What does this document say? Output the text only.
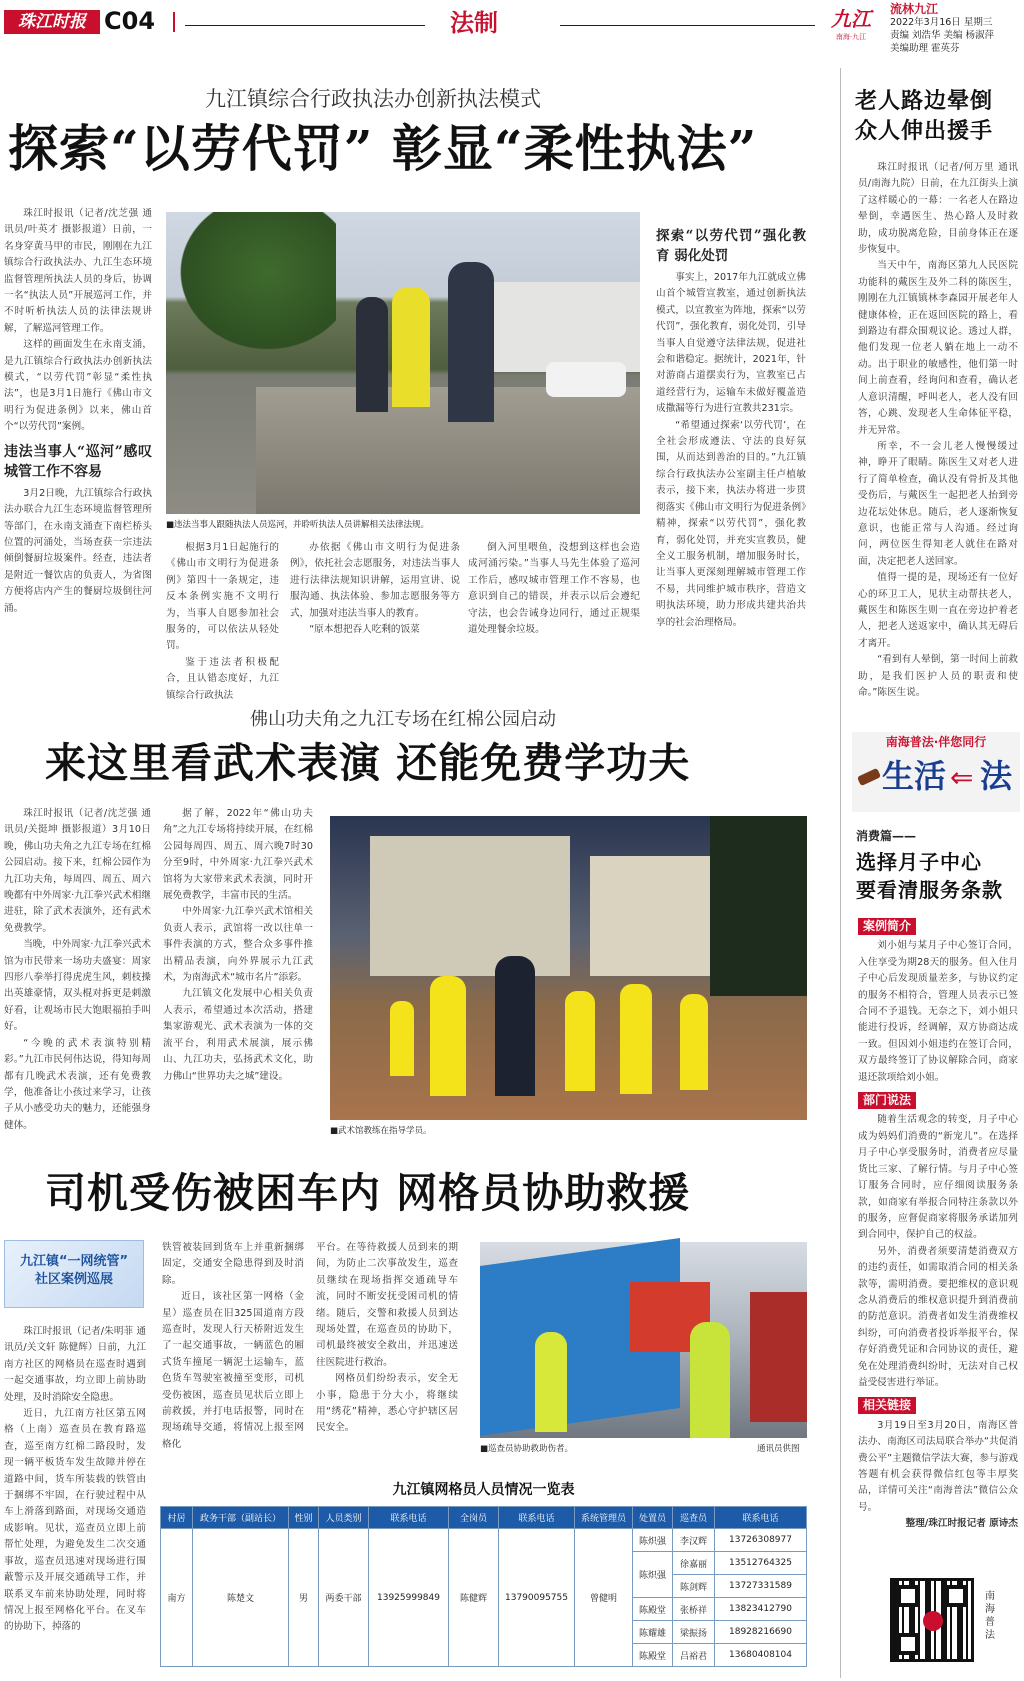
珠江时报 C04	法制	九江
南海·九江
流林九江
2022年3月16日 星期三
责编 刘浩华 美编 杨淑萍
美编助理 霍英芬
九江镇综合行政执法办创新执法模式
探索“以劳代罚” 彰显“柔性执法”

珠江时报讯（记者/沈芝强 通讯员/叶英才 摄影报道）日前，一名身穿黄马甲的市民，刚刚在九江镇综合行政执法办、九江生态环境监督管理所执法人员的身后，协调一名“执法人员”开展巡河工作，并不时听析执法人员的法律法规讲解，了解巡河管理工作。

这样的画面发生在永南支涌，是九江镇综合行政执法办创新执法模式，“以劳代罚”彰显“柔性执法”，也是3月1日施行《佛山市文明行为促进条例》以来，佛山首个“以劳代罚”案例。

违法当事人“巡河”感叹城管工作不容易

3月2日晚，九江镇综合行政执法办联合九江生态环境监督管理所等部门，在永南支涌查下南栏桥头位置的河涌处，当场查获一宗违法倾倒餐厨垃圾案件。经查，违法者是附近一餐饮店的负责人，为省图方便将店内产生的餐厨垃圾倒往河涌。

■违法当事人跟随执法人员巡河，并聆听执法人员讲解相关法律法规。

根据3月1日起施行的《佛山市文明行为促进条例》第四十一条规定，违反本条例实施不文明行为，当事人自愿参加社会服务的，可以依法从轻处罚。

鉴于违法者积极配合，且认错态度好，九江镇综合行政执法

办依据《佛山市文明行为促进条例》，依托社会志愿服务，对违法当事人进行法律法规知识讲解，运用宣讲、说服沟通、执法体验、参加志愿服务等方式，加强对违法当事人的教育。

“原本想把吞人吃剩的饭菜

倒入河里喂鱼，没想到这样也会造成河涌污染。”当事人马先生体验了巡河工作后，感叹城市管理工作不容易，也意识到自己的错误，并表示以后会遵纪守法，也会告诫身边同行，通过正规渠道处理餐余垃圾。

探索“以劳代罚”强化教育 弱化处罚

事实上，2017年九江就成立佛山首个城管宣教室，通过创新执法模式，以宣教室为阵地，探索“以劳代罚”，强化教育，弱化处罚，引导当事人自觉遵守法律法规，促进社会和谐稳定。据统计，2021年，针对游商占道摆卖行为，宣教室已占道经营行为，运输车未做好覆盖造成撒漏等行为进行宣教共231宗。

“希望通过探索‘以劳代罚’，在全社会形成遵法、守法的良好氛围，从而达到善治的目的。”九江镇综合行政执法办公室副主任卢植敏表示，接下来，执法办将进一步贯彻落实《佛山市文明行为促进条例》精神，探索“以劳代罚”，强化教育，弱化处罚，并充实宣教员，健全义工服务机制，增加服务时长，让当事人更深刻理解城市管理工作不易，共同维护城市秩序，营造文明执法环境，助力形成共建共治共享的社会治理格局。

佛山功夫角之九江专场在红棉公园启动
来这里看武术表演 还能免费学功夫

珠江时报讯（记者/沈芝强 通讯员/关挺坤 摄影报道）3月10日晚，佛山功夫角之九江专场在红棉公园启动。接下来，红棉公园作为九江功夫角，每周四、周五、周六晚都有中外周家·九江拳兴武术相继进驻，除了武术表演外，还有武术免费教学。

当晚，中外周家·九江拳兴武术馆为市民带来一场功夫盛宴：周家四形八拳举打得虎虎生风，刺枝操出英雄豪情，双头棍对拆更是刺激好看，让观场市民大饱眼福拍手叫好。

“今晚的武术表演特别精彩。”九江市民何伟达说，得知每周都有几晚武术表演，还有免费教学，他准备让小孩过来学习，让孩子从小感受功夫的魅力，还能强身健体。

据了解，2022年“佛山功夫角”之九江专场将持续开展，在红棉公园每周四、周五、周六晚7时30分至9时，中外周家·九江拳兴武术馆将为大家带来武术表演，同时开展免费教学，丰富市民的生活。

中外周家·九江拳兴武术馆相关负责人表示，武馆将一改以往单一事件表演的方式，整合众多事件推出精品表演，向外界展示九江武术，为南海武术“城市名片”添彩。

九江镇文化发展中心相关负责人表示，希望通过本次活动，搭建集家游观光、武术表演为一体的交流平台，利用武术展演，展示佛山、九江功夫，弘扬武术文化，助力佛山“世界功夫之城”建设。

■武术馆教练在指导学员。
司机受伤被困车内 网格员协助救援
九江镇“一网统管”
社区案例巡展

珠江时报讯（记者/朱明菲 通讯员/关文轩 陈健辉）日前，九江南方社区的网格员在巡查时遇到一起交通事故，均立即上前协助处理，及时消除安全隐患。

近日，九江南方社区第五网格（上南）巡查员在教育路巡查，巡至南方红棉二路段时，发现一辆平板货车发生故障并停在道路中间，货车所装载的铁管由于捆绑不牢固，在行驶过程中从车上滑落到路面，对现场交通造成影响。见状，巡查员立即上前帮忙处理，为避免发生二次交通事故，巡查员迅速对现场进行围蔽警示及开展交通疏导工作，并联系叉车前来协助处理，同时将情况上报至网格化平台。在叉车的协助下，掉落的

铁管被装回到货车上并重新捆绑固定，交通安全隐患得到及时消除。

近日，该社区第一网格（金星）巡查员在旧325国道南方段巡查时，发现人行天桥附近发生了一起交通事故，一辆蓝色的厢式货车撞尾一辆泥土运输车，蓝色货车驾驶室被撞至变形，司机受伤被困，巡查员见状后立即上前救援，并打电话报警，同时在现场疏导交通，将情况上报至网格化

平台。在等待救援人员到来的期间，为防止二次事故发生，巡查员继续在现场指挥交通疏导车流，同时不断安抚受困司机的情绪。随后，交警和救援人员到达现场处置，在巡查员的协助下，司机最终被安全救出，并迅速送往医院进行救治。

网格员们纷纷表示，安全无小事，隐患于分大小，将继续用“绣花”精神，悉心守护辖区居民安全。

■巡查员协助救助伤者。	通讯员供图
九江镇网格员人员情况一览表
村居	政务干部（副站长）	性别	人员类别	联系电话	全岗员	联系电话	系统管理员	处置员	巡查员	联系电话
南方	陈楚文	男	两委干部	13925999849	陈健辉	13790095755	曾健明	陈炽强	李汉辉	13726308977
								陈炽强	徐嘉丽	13512764325
									陈剑辉	13727331589
								陈殿堂	张桥祥	13823412790
								陈耀雄	梁振扬	18928216690
								陈殿堂	吕裕君	13680408104
老人路边晕倒
众人伸出援手

珠江时报讯（记者/何万里 通讯员/南海九院）日前，在九江街头上演了这样暖心的一幕：一名老人在路边晕倒，幸遇医生、热心路人及时救助，成功脱离危险，目前身体正在逐步恢复中。

当天中午，南海区第九人民医院功能科的戴医生及外二科的陈医生，刚刚在九江镇镇林李森园开展老年人健康体检，正在返回医院的路上，看到路边有群众围观议论。透过人群，他们发现一位老人躺在地上一动不动。出于职业的敏感性，他们第一时间上前查看，经询问和查看，确认老人意识清醒，呼叫老人，老人没有回答，心跳、发现老人生命体征平稳，并无异常。

所幸，不一会儿老人慢慢缓过神，睁开了眼睛。陈医生又对老人进行了简单检查，确认没有骨折及其他受伤后，与戴医生一起把老人抬到旁边花坛处休息。随后，老人逐渐恢复意识，也能正常与人沟通。经过询问，两位医生得知老人就住在路对面，决定把老人送回家。

值得一提的是，现场还有一位好心的环卫工人，见状主动帮扶老人，戴医生和陈医生则一直在旁边护着老人，把老人送返家中，确认其无碍后才离开。

“看到有人晕倒，第一时间上前救助，是我们医护人员的职责和使命。”陈医生说。

南海普法·伴您同行
生活 ⇐ 法
消费篇——
选择月子中心
要看清服务条款
案例简介

刘小姐与某月子中心签订合同，入住享受为期28天的服务。但入住月子中心后发现质量差多，与协议约定的服务不相符合，管理人员表示已签合同不予退钱。无奈之下，刘小姐只能进行投诉，经调解，双方协商达成一致。但因刘小姐违约在签订合同，双方最终签订了协议解除合同，商家退还款项给刘小姐。

部门说法

随着生活观念的转变，月子中心成为妈妈们消费的“新宠儿”。在选择月子中心享受服务时，消费者应尽量货比三家、了解行情。与月子中心签订服务合同时，应仔细阅读服务条款，如商家有举报合同特注条款以外的服务，应督促商家将服务承诺加列到合同中，保护自己的权益。

另外，消费者须要清楚消费双方的违约责任，如需取消合同的相关条款等，需明消费。要把维权的意识观念从消费后的维权意识提升到消费前的防范意识。消费者如发生消费维权纠纷，可向消费者投诉举报平台，保存好消费凭证和合同协议的责任，避免在处理消费纠纷时，无法对自己权益受侵害进行举证。

相关链接

3月19日至3月20日，南海区普法办、南海区司法局联合举办“共促消费公平”主题微信学法大赛，参与游戏答题有机会获得微信红包等丰厚奖品，详情可关注“南海普法”微信公众号。

整理/珠江时报记者 原诗杰
南海普法
